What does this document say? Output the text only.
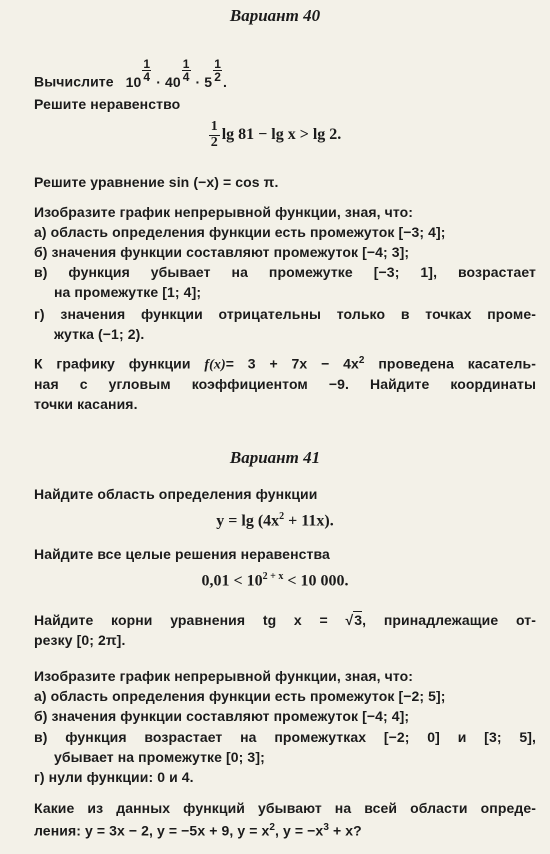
Вариант 40
Вычислите 10 $^{\frac{1}{4}}$ · 40 $^{\frac{1}{4}}$ · 5 $^{\frac{1}{2}}$ .
Решите неравенство
$\frac{1}{2}$ lg 81 − lg x > lg 2.
Решите уравнение sin (−x) = cos π.
Изобразите график непрерывной функции, зная, что:
а) область определения функции есть промежуток [−3; 4];
б) значения функции составляют промежуток [−4; 3];
в) функция убывает на промежутке [−3; 1], возрастает
на промежутке [1; 4];
г) значения функции отрицательны только в точках проме-
жутка (−1; 2).
К графику функции $f(x)= 3 + 7x - 4x^2$ проведена касатель-
ная с угловым коэффициентом −9. Найдите координаты
точки касания.
Вариант 41
Найдите область определения функции
$y = \lg (4x^2 + 11x)$.
Найдите все целые решения неравенства
$0,01 < 10^{2 + x} < 10$ 000.
Найдите корни уравнения tg x = √3, принадлежащие от-
резку [0; 2π].
Изобразите график непрерывной функции, зная, что:
а) область определения функции есть промежуток [−2; 5];
б) значения функции составляют промежуток [−4; 4];
в) функция возрастает на промежутках [−2; 0] и [3; 5],
убывает на промежутке [0; 3];
г) нули функции: 0 и 4.
Какие из данных функций убывают на всей области опреде-
ления: y = 3x − 2, y = −5x + 9, $y = x^2$, $y = -x^3 + x$?
